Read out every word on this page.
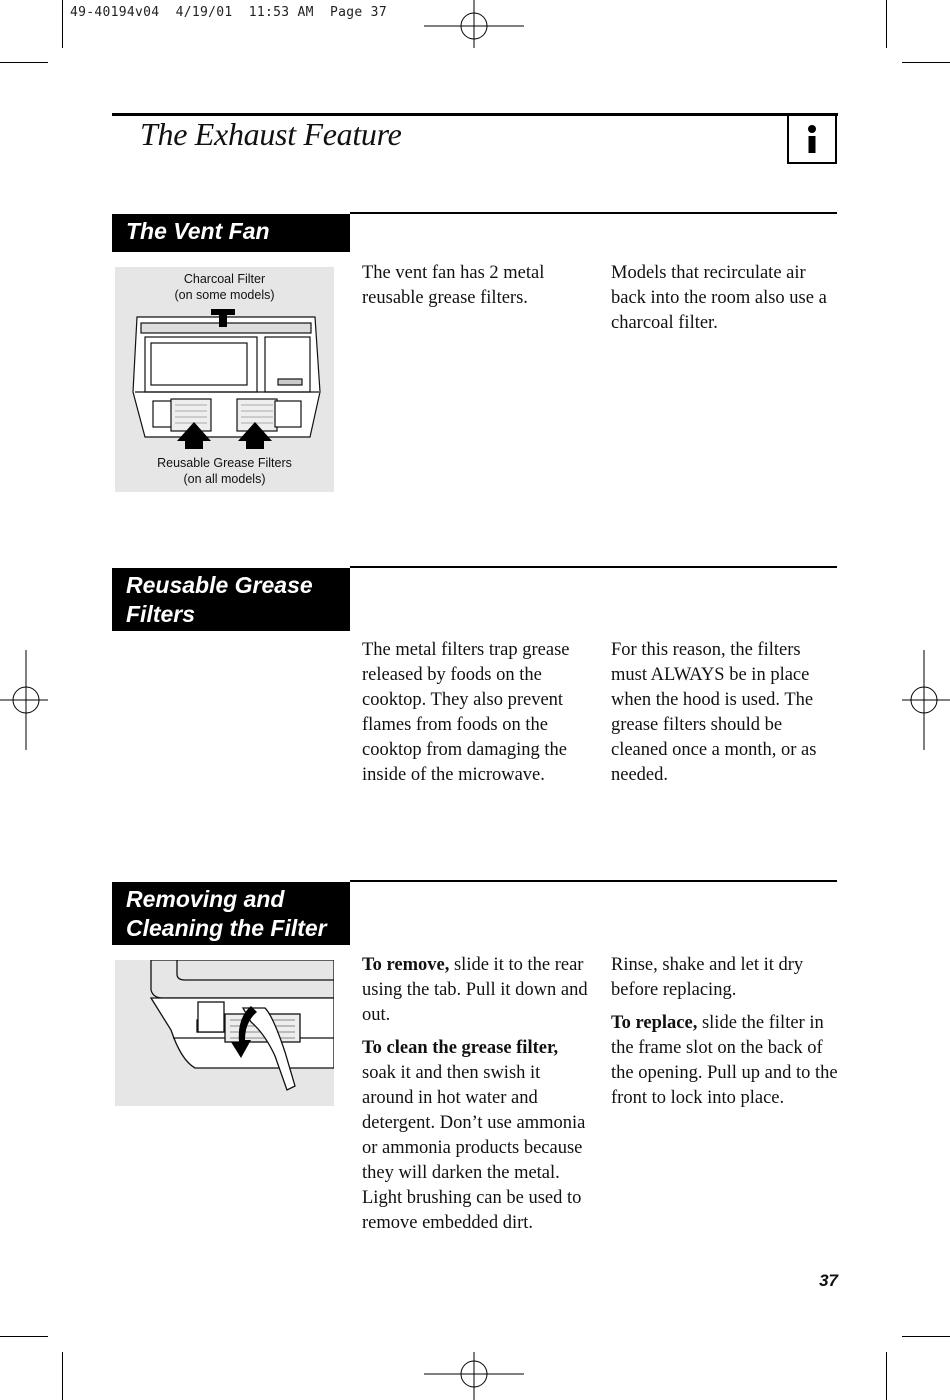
49-40194v04  4/19/01  11:53 AM  Page 37
The Exhaust Feature
The Vent Fan
Charcoal Filter
(on some models)
Reusable Grease Filters
(on all models)

The vent fan has 2 metal reusable grease filters.

Models that recirculate air back into the room also use a charcoal filter.

Reusable Grease
Filters

The metal filters trap grease released by foods on the cooktop. They also prevent flames from foods on the cooktop from damaging the inside of the microwave.

For this reason, the filters must ALWAYS be in place when the hood is used. The grease filters should be cleaned once a month, or as needed.

Removing and
Cleaning the Filter

To remove, slide it to the rear using the tab. Pull it down and out.

To clean the grease filter, soak it and then swish it around in hot water and detergent. Don’t use ammonia or ammonia products because they will darken the metal. Light brushing can be used to remove embedded dirt.

Rinse, shake and let it dry before replacing.

To replace, slide the filter in the frame slot on the back of the opening. Pull up and to the front to lock into place.

37
